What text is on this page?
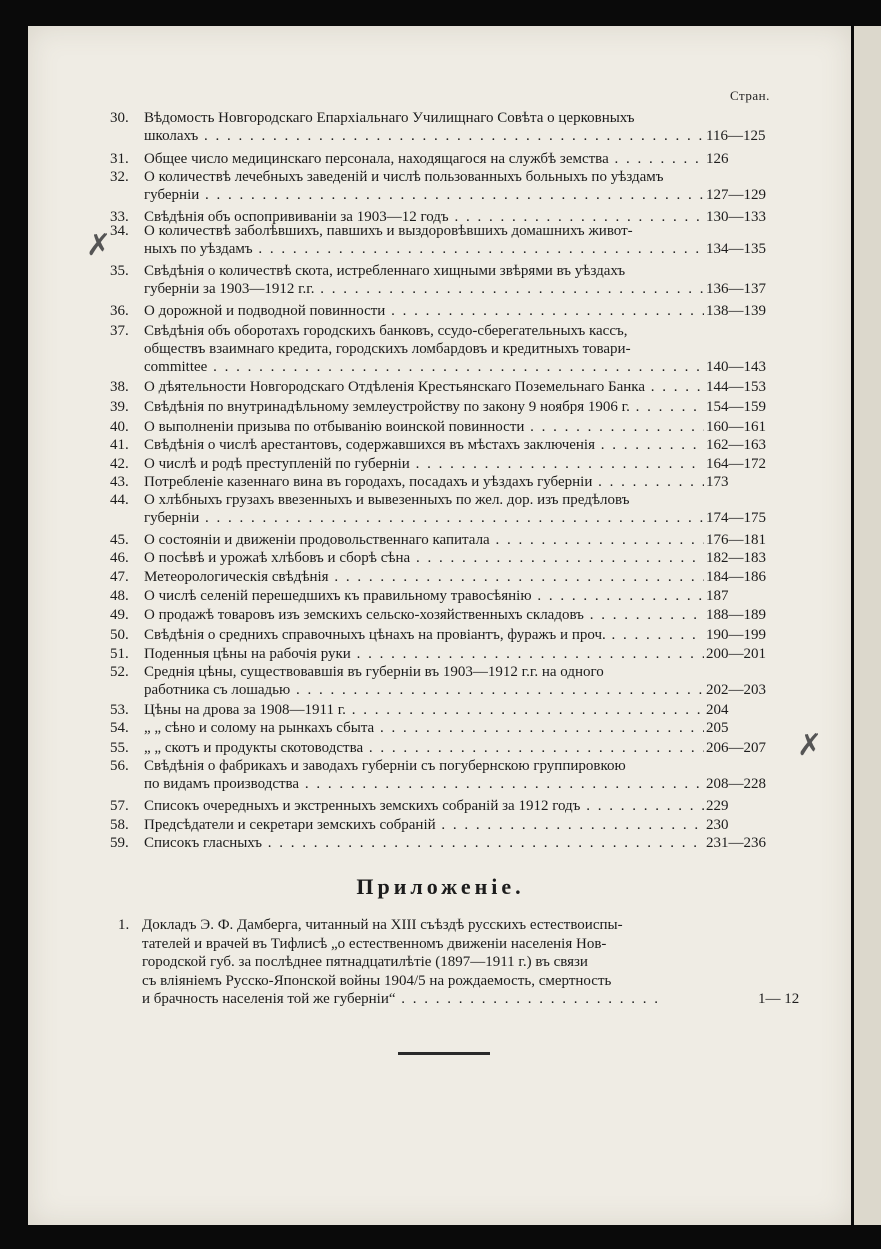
Стран.
30.	Вѣдомость Новгородскаго Епархіальнаго Училищнаго Совѣта о церковныхъ
школахъ . . .	116—125
31.	Общее число медицинскаго персонала, находящагося на службѣ земства . . .	126
32.	О количествѣ лечебныхъ заведеній и числѣ пользованныхъ больныхъ по уѣздамъ
губерніи . . .	127—129
33.	Свѣдѣнія объ оспопрививаніи за 1903—12 годъ . . .	130—133
34.	О количествѣ заболѣвшихъ, павшихъ и выздоровѣвшихъ домашнихъ живот-
ныхъ по уѣздамъ . . .	134—135
35.	Свѣдѣнія о количествѣ скота, истребленнаго хищными звѣрями въ уѣздахъ
губерніи за 1903—1912 г.г. . . .	136—137
36.	О дорожной и подводной повинности . . .	138—139
37.	Свѣдѣнія объ оборотахъ городскихъ банковъ, ссудо-сберегательныхъ кассъ,
обществъ взаимнаго кредита, городскихъ ломбардовъ и кредитныхъ товари-
committee . . .	140—143
38.	О дѣятельности Новгородскаго Отдѣленія Крестьянскаго Поземельнаго Банка . . .	144—153
39.	Свѣдѣнія по внутринадѣльному землеустройству по закону 9 ноября 1906 г. . . .	154—159
40.	О выполненіи призыва по отбыванію воинской повинности . . .	160—161
41.	Свѣдѣнія о числѣ арестантовъ, содержавшихся въ мѣстахъ заключенія . . .	162—163
42.	О числѣ и родѣ преступленій по губерніи . . .	164—172
43.	Потребленіе казеннаго вина въ городахъ, посадахъ и уѣздахъ губерніи . . .	173
44.	О хлѣбныхъ грузахъ ввезенныхъ и вывезенныхъ по жел. дор. изъ предѣловъ
губерніи . . .	174—175
45.	О состояніи и движеніи продовольственнаго капитала . . .	176—181
46.	О посѣвѣ и урожаѣ хлѣбовъ и сборѣ сѣна . . .	182—183
47.	Метеорологическія свѣдѣнія . . .	184—186
48.	О числѣ селеній перешедшихъ къ правильному травосѣянію . . .	187
49.	О продажѣ товаровъ изъ земскихъ сельско-хозяйственныхъ складовъ . . .	188—189
50.	Свѣдѣнія о среднихъ справочныхъ цѣнахъ на провіантъ, фуражъ и проч. . . .	190—199
51.	Поденныя цѣны на рабочія руки . . .	200—201
52.	Среднія цѣны, существовавшія въ губерніи въ 1903—1912 г.г. на одного
работника съ лошадью . . .	202—203
53.	Цѣны на дрова за 1908—1911 г. . . .	204
54.	„ „ сѣно и солому на рынкахъ сбыта . . .	205
55.	„ „ скотъ и продукты скотоводства . . .	206—207
56.	Свѣдѣнія о фабрикахъ и заводахъ губерніи съ погубернскою группировкою
по видамъ производства . . .	208—228
57.	Списокъ очередныхъ и экстренныхъ земскихъ собраній за 1912 годъ . . .	229
58.	Предсѣдатели и секретари земскихъ собраній . . .	230
59.	Списокъ гласныхъ . . .	231—236
Приложеніе.
1. Докладъ Э. Ф. Дамберга, читанный на XIII съѣздѣ русскихъ естествоиспы-
тателей и врачей въ Тифлисѣ „о естественномъ движеніи населенія Нов-
городской губ. за послѣднее пятнадцатилѣтіе (1897—1911 г.) въ связи
съ вліяніемъ Русско-Японской войны 1904/5 на рождаемость, смертность
и брачность населенія той же губерніи“ . . .	1— 12
✗
✗
